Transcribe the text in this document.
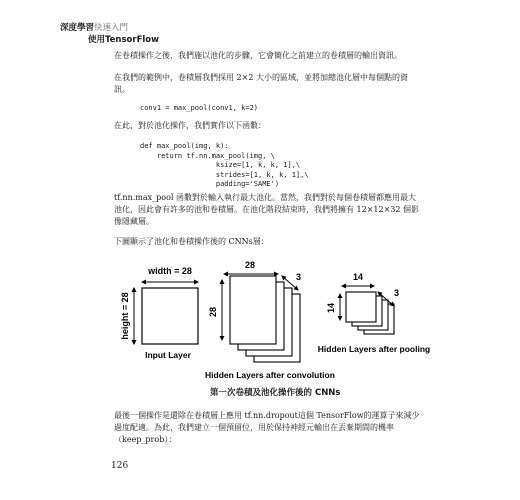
深度學習快速入門
使用TensorFlow
在卷積操作之後，我們施以池化的步驟，它會簡化之前建立的卷積層的輸出資訊。
在我們的範例中，卷積層我們採用 2×2 大小的區域，並將加總池化層中每個點的資訊。
conv1 = max_pool(conv1, k=2)
在此，對於池化操作，我們實作以下函數：
def max_pool(img, k):
return tf.nn.max_pool(img, \
ksize=[1, k, k, 1],\
strides=[1, k, k, 1],\
padding='SAME')
tf.nn.max_pool 函數對於輸入執行最大池化。當然，我們對於每個卷積層都應用最大池化，因此會有許多的池和卷積層。在池化階段結束時，我們將擁有 12×12×32 個影像隱藏層。
下圖顯示了池化和卷積操作後的 CNNs層：
width = 28
height = 28
Input Layer
28
28
3
Hidden Layers after convolution
14
14
3
Hidden Layers after pooling
第一次卷積及池化操作後的 CNNs
最後一個操作是還除在卷積層上應用 tf.nn.dropout這個 TensorFlow的運算子來減少過度配適。為此，我們建立一個預留位，用於保持神經元輸出在丟棄期間的機率（keep_prob）：
126
